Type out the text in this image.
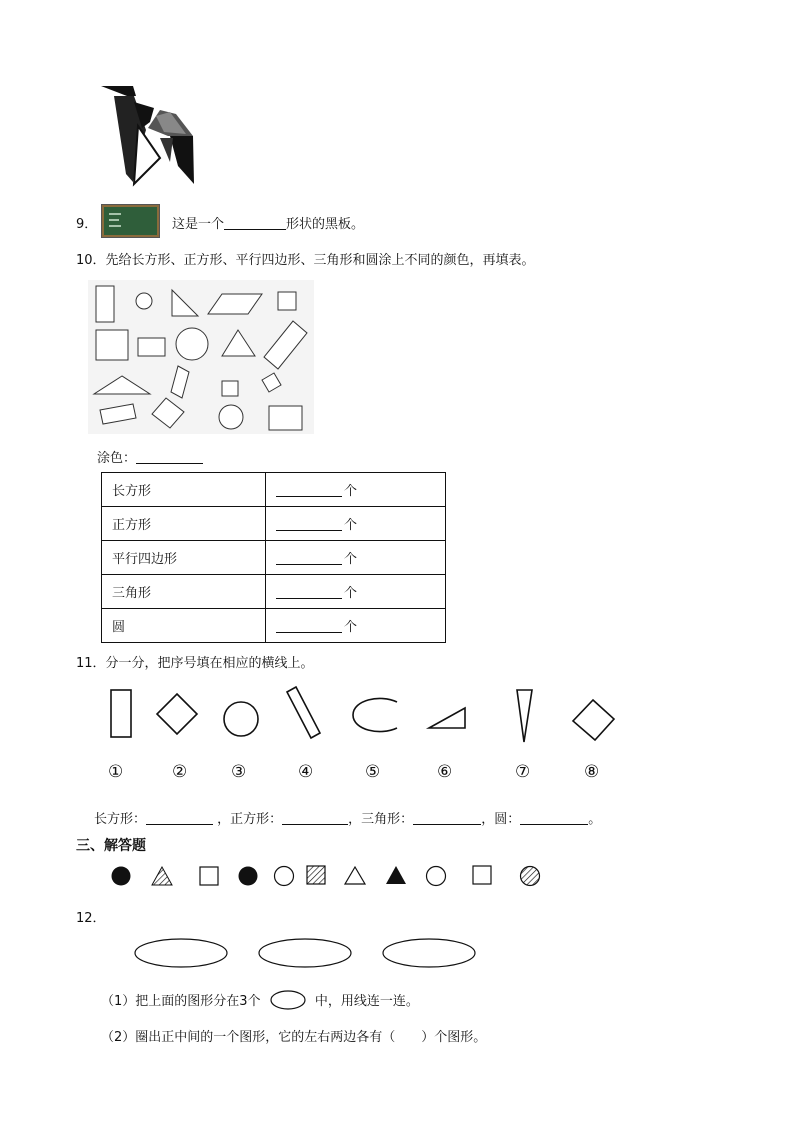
9．	这是一个	形状的黑板。
10．先给长方形、正方形、平行四边形、三角形和圆涂上不同的颜色，再填表。
涂色：
长方形	个
正方形	个
平行四边形	个
三角形	个
圆	个
11．分一分，把序号填在相应的横线上。
①	②	③	④	⑤	⑥	⑦	⑧
长方形：	，正方形：	，三角形：	，圆：	。
三、解答题
12．
（1）把上面的图形分在3个	中，用线连一连。
（2）圈出正中间的一个图形，它的左右两边各有（　　）个图形。
